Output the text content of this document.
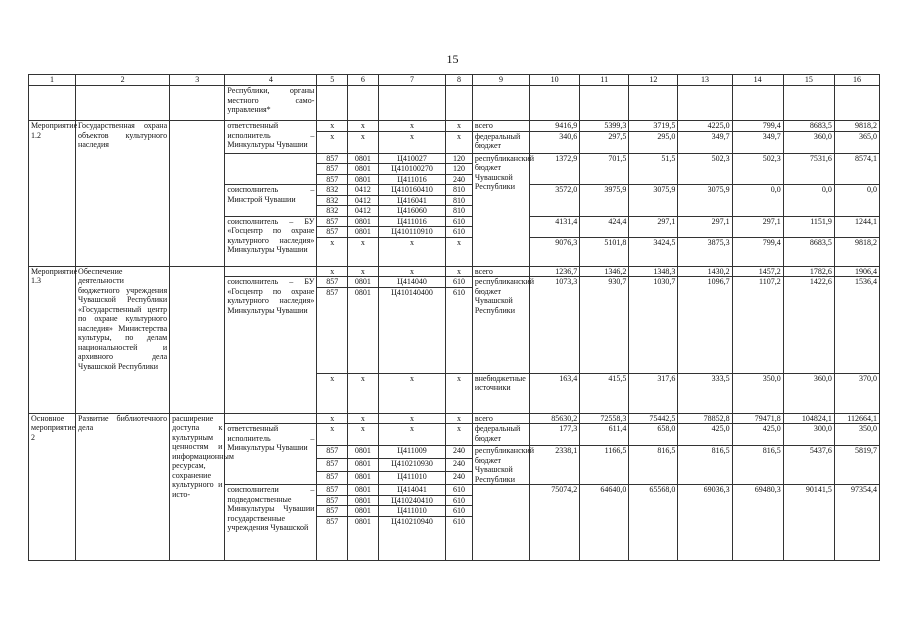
15
1	2	3	4	5	6	7	8	9	10	11	12	13	14	15	16
			Республики, органы местного само-управления*												
Мероприятие 1.2	Государственная охрана объектов культурного наследия		ответственный исполнитель – Минкультуры Чувашии	x	x	x	x	всего	9416,9	5399,3	3719,5	4225,0	799,4	8683,5	9818,2
				x	x	x	x	федеральный бюджет	340,6	297,5	295,0	349,7	349,7	360,0	365,0
				857	0801	Ц410027	120	республиканский бюджет Чувашской Республики	1372,9	701,5	51,5	502,3	502,3	7531,6	8574,1
				857	0801	Ц410100270	120								
				857	0801	Ц411016	240								
			соисполнитель – Минстрой Чувашии	832	0412	Ц410160410	810		3572,0	3975,9	3075,9	3075,9	0,0	0,0	0,0
				832	0412	Ц416041	810								
				832	0412	Ц416060	810								
			соисполнитель – БУ «Госцентр по охране культурного наследия» Минкультуры Чувашии	857	0801	Ц411016	610		4131,4	424,4	297,1	297,1	297,1	1151,9	1244,1
				857	0801	Ц410110910	610								
				x	x	x	x		9076,3	5101,8	3424,5	3875,3	799,4	8683,5	9818,2
Мероприятие 1.3	Обеспечение деятельности бюджетного учреждения Чувашской Республики «Государственный центр по охране культурного наследия» Министерства культуры, по делам национальностей и архивного дела Чувашской Республики			x	x	x	x	всего	1236,7	1346,2	1348,3	1430,2	1457,2	1782,6	1906,4
			соисполнитель – БУ «Госцентр по охране культурного наследия» Минкультуры Чувашии	857	0801	Ц414040	610	республиканский бюджет Чувашской Республики	1073,3	930,7	1030,7	1096,7	1107,2	1422,6	1536,4
				857	0801	Ц410140400	610								
				x	x	x	x	внебюджетные источники	163,4	415,5	317,6	333,5	350,0	360,0	370,0
Основное мероприятие 2	Развитие библиотечного дела	расширение доступа к культурным ценностям и информационным ресурсам, сохранение культурного и исто-		x	x	x	x	всего	85630,2	72558,3	75442,5	78852,8	79471,8	104824,1	112664,1
			ответственный исполнитель – Минкультуры Чувашии	x	x	x	x	федеральный бюджет	177,3	611,4	658,0	425,0	425,0	300,0	350,0
				857	0801	Ц411009	240	республиканский бюджет Чувашской Республики	2338,1	1166,5	816,5	816,5	816,5	5437,6	5819,7
				857	0801	Ц410210930	240								
				857	0801	Ц411010	240								
			соисполнители – подведомственные Минкультуры Чувашии государственные учреждения Чувашской	857	0801	Ц414041	610		75074,2	64640,0	65568,0	69036,3	69480,3	90141,5	97354,4
				857	0801	Ц410240410	610								
				857	0801	Ц411010	610								
				857	0801	Ц410210940	610								
